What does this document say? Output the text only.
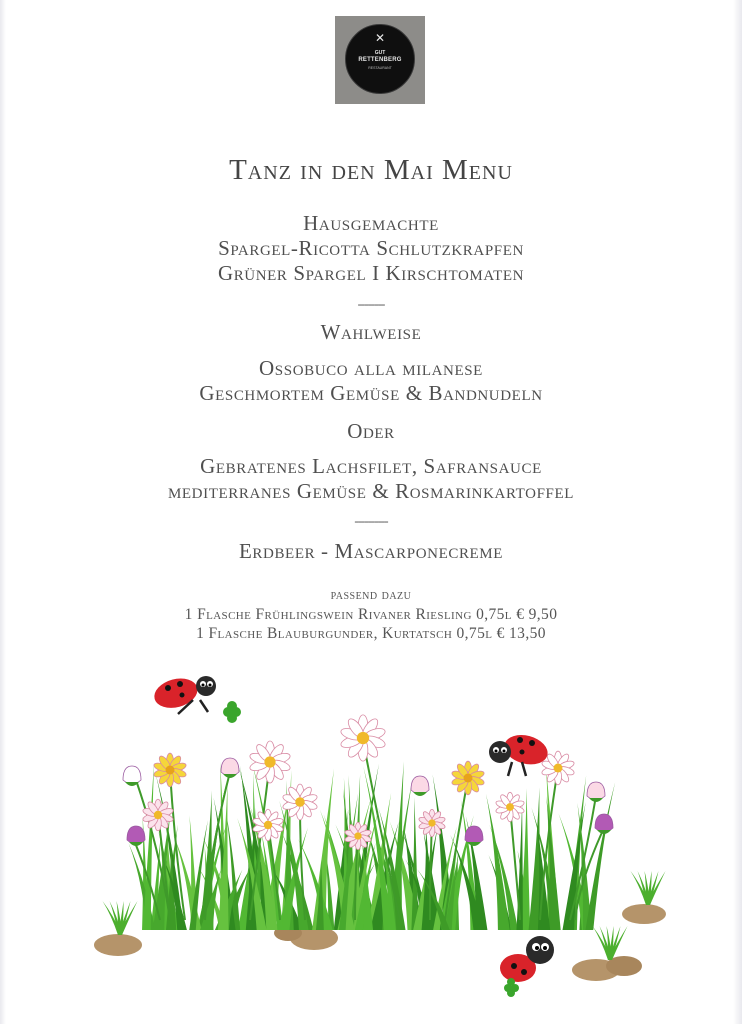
✕
GUT
RETTENBERG
RESTAURANT
Tanz in den Mai Menu
Hausgemachte
Spargel-Ricotta Schlutzkrapfen
Grüner Spargel I Kirschtomaten
--------
Wahlweise
Ossobuco alla milanese
Geschmortem Gemüse & Bandnudeln
Oder
Gebratenes Lachsfilet, Safransauce
mediterranes Gemüse & Rosmarinkartoffel
----------
Erdbeer - Mascarponecreme
passend dazu
1 Flasche Frühlingswein Rivaner Riesling 0,75l € 9,50
1 Flasche Blauburgunder, Kurtatsch 0,75l € 13,50
